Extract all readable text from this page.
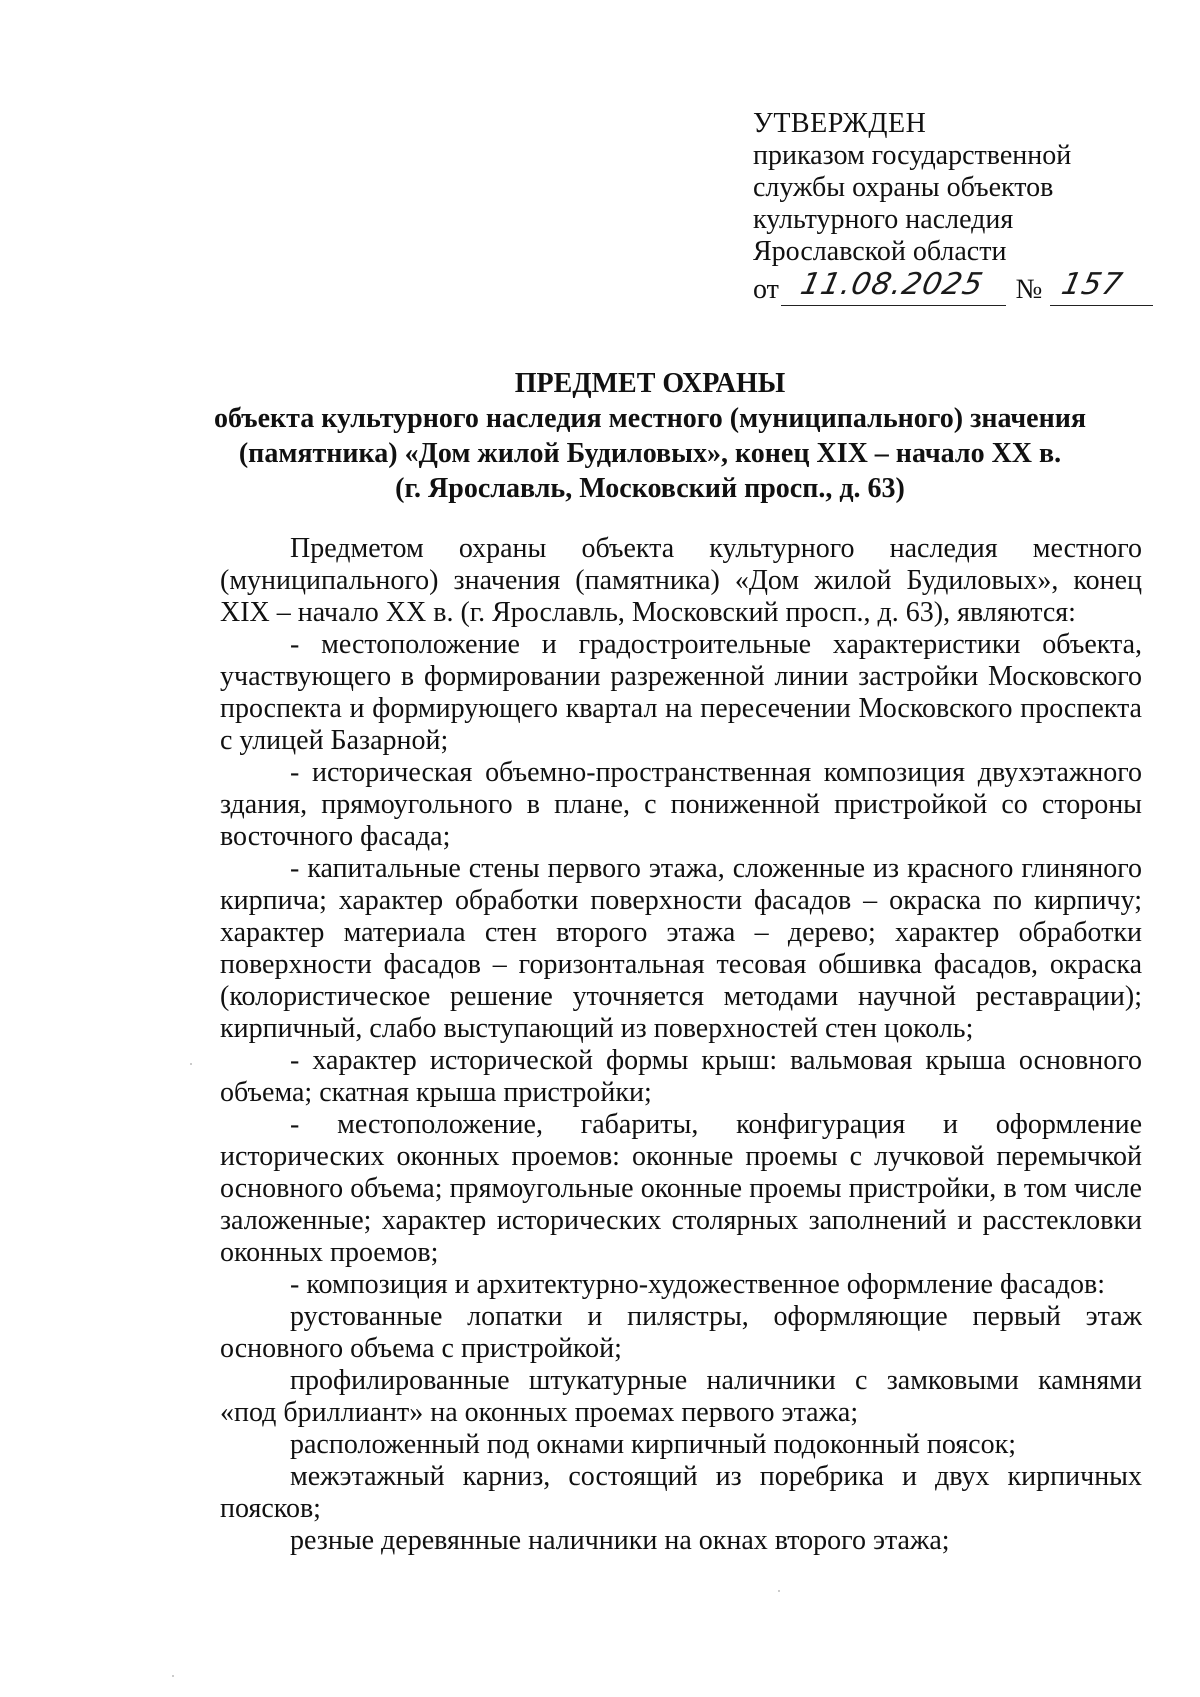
УТВЕРЖДЕН
приказом государственной
службы охраны объектов
культурного наследия
Ярославской области
от 11.08.2025 № 157
ПРЕДМЕТ ОХРАНЫ
объекта культурного наследия местного (муниципального) значения
(памятника) «Дом жилой Будиловых», конец XIX – начало XX в.
(г. Ярославль, Московский просп., д. 63)

Предметом охраны объекта культурного наследия местного (муниципального) значения (памятника) «Дом жилой Будиловых», конец XIX – начало XX в. (г. Ярославль, Московский просп., д. 63), являются:

- местоположение и градостроительные характеристики объекта, участвующего в формировании разреженной линии застройки Московского проспекта и формирующего квартал на пересечении Московского проспекта с улицей Базарной;

- историческая объемно-пространственная композиция двухэтажного здания, прямоугольного в плане, с пониженной пристройкой со стороны восточного фасада;

- капитальные стены первого этажа, сложенные из красного глиняного кирпича; характер обработки поверхности фасадов – окраска по кирпичу; характер материала стен второго этажа – дерево; характер обработки поверхности фасадов – горизонтальная тесовая обшивка фасадов, окраска (колористическое решение уточняется методами научной реставрации); кирпичный, слабо выступающий из поверхностей стен цоколь;

- характер исторической формы крыш: вальмовая крыша основного объема; скатная крыша пристройки;

- местоположение, габариты, конфигурация и оформление исторических оконных проемов: оконные проемы с лучковой перемычкой основного объема; прямоугольные оконные проемы пристройки, в том числе заложенные; характер исторических столярных заполнений и расстекловки оконных проемов;

- композиция и архитектурно-художественное оформление фасадов:

рустованные лопатки и пилястры, оформляющие первый этаж основного объема с пристройкой;

профилированные штукатурные наличники с замковыми камнями «под бриллиант» на оконных проемах первого этажа;

расположенный под окнами кирпичный подоконный поясок;

межэтажный карниз, состоящий из поребрика и двух кирпичных поясков;

резные деревянные наличники на окнах второго этажа;
